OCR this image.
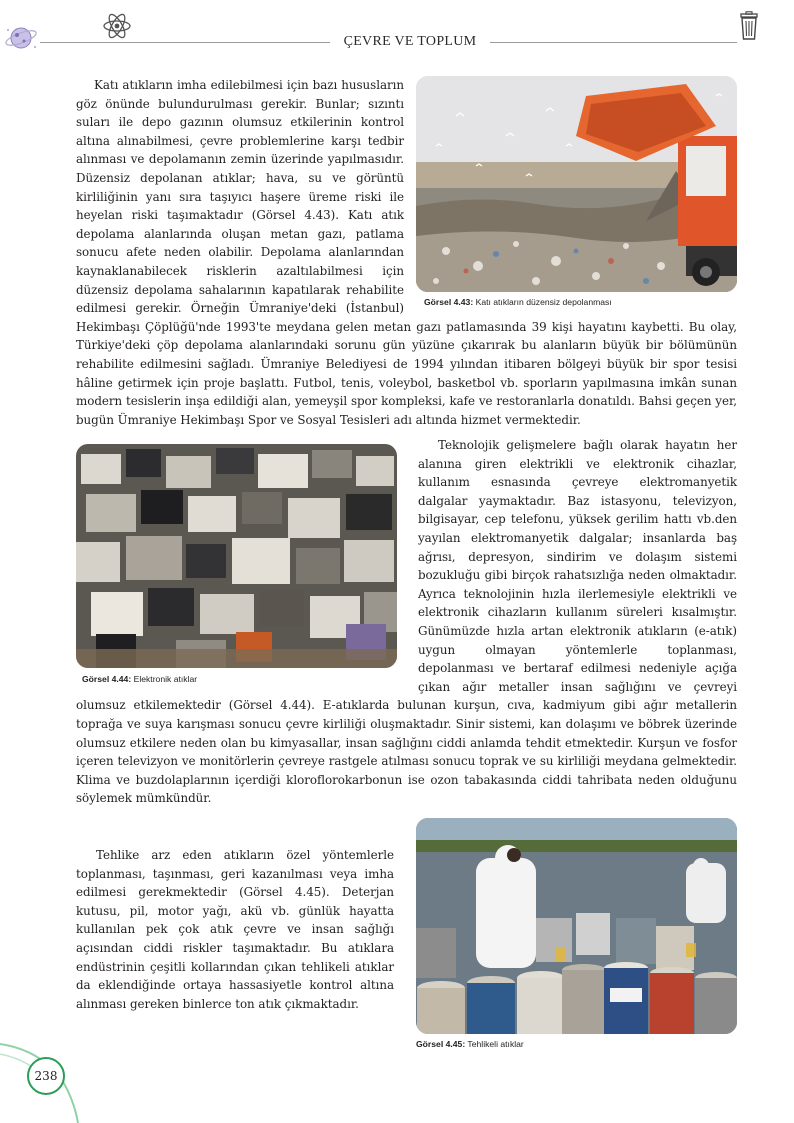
ÇEVRE VE TOPLUM
Görsel 4.43: Katı atıkların düzensiz depolanması
Katı atıkların imha edilebilmesi için bazı hususların göz önünde bulundurulması gerekir. Bunlar; sızıntı suları ile depo gazının olumsuz etkilerinin kontrol altına alınabilmesi, çevre problemlerine karşı tedbir alınması ve depolamanın zemin üzerinde yapılmasıdır. Düzensiz depolanan atıklar; hava, su ve görüntü kirliliğinin yanı sıra taşıyıcı haşere üreme riski ile heyelan riski taşımaktadır (Görsel 4.43). Katı atık depolama alanlarında oluşan metan gazı, patlama sonucu afete neden olabilir. Depolama alanlarından kaynaklanabilecek risklerin azaltılabilmesi için düzensiz depolama sahalarının kapatılarak rehabilite edilmesi gerekir. Örneğin Ümraniye'deki (İstanbul) Hekimbaşı Çöplüğü'nde 1993'te meydana gelen metan gazı patlamasında 39 kişi hayatını kaybetti. Bu olay, Türkiye'deki çöp depolama alanlarındaki sorunu gün yüzüne çıkarırak bu alanların büyük bir bölümünün rehabilite edilmesini sağladı. Ümraniye Belediyesi de 1994 yılından itibaren bölgeyi büyük bir spor tesisi hâline getirmek için proje başlattı. Futbol, tenis, voleybol, basketbol vb. sporların yapılmasına imkân sunan modern tesislerin inşa edildiği alan, yemeyşil spor kompleksi, kafe ve restoranlarla donatıldı. Bahsi geçen yer, bugün Ümraniye Hekimbaşı Spor ve Sosyal Tesisleri adı altında hizmet vermektedir.
Görsel 4.44: Elektronik atıklar
Teknolojik gelişmelere bağlı olarak hayatın her alanına giren elektrikli ve elektronik cihazlar, kullanım esnasında çevreye elektromanyetik dalgalar yaymaktadır. Baz istasyonu, televizyon, bilgisayar, cep telefonu, yüksek gerilim hattı vb.den yayılan elektromanyetik dalgalar; insanlarda baş ağrısı, depresyon, sindirim ve dolaşım sistemi bozukluğu gibi birçok rahatsızlığa neden olmaktadır. Ayrıca teknolojinin hızla ilerlemesiyle elektrikli ve elektronik cihazların kullanım süreleri kısalmıştır. Günümüzde hızla artan elektronik atıkların (e-atık) uygun olmayan yöntemlerle toplanması, depolanması ve bertaraf edilmesi nedeniyle açığa çıkan ağır metaller insan sağlığını ve çevreyi olumsuz etkilemektedir (Görsel 4.44). E-atıklarda bulunan kurşun, cıva, kadmiyum gibi ağır metallerin toprağa ve suya karışması sonucu çevre kirliliği oluşmaktadır. Sinir sistemi, kan dolaşımı ve böbrek üzerinde olumsuz etkilere neden olan bu kimyasallar, insan sağlığını ciddi anlamda tehdit etmektedir. Kurşun ve fosfor içeren televizyon ve monitörlerin çevreye rastgele atılması sonucu toprak ve su kirliliği meydana gelmektedir. Klima ve buzdolaplarının içerdiği kloroflorokarbonun ise ozon tabakasında ciddi tahribata neden olduğunu söylemek mümkündür.
Görsel 4.45: Tehlikeli atıklar
Tehlike arz eden atıkların özel yöntemlerle toplanması, taşınması, geri kazanılması veya imha edilmesi gerekmektedir (Görsel 4.45). Deterjan kutusu, pil, motor yağı, akü vb. günlük hayatta kullanılan pek çok atık çevre ve insan sağlığı açısından ciddi riskler taşımaktadır. Bu atıklara endüstrinin çeşitli kollarından çıkan tehlikeli atıklar da eklendiğinde ortaya hassasiyetle kontrol altına alınması gereken binlerce ton atık çıkmaktadır.
238
